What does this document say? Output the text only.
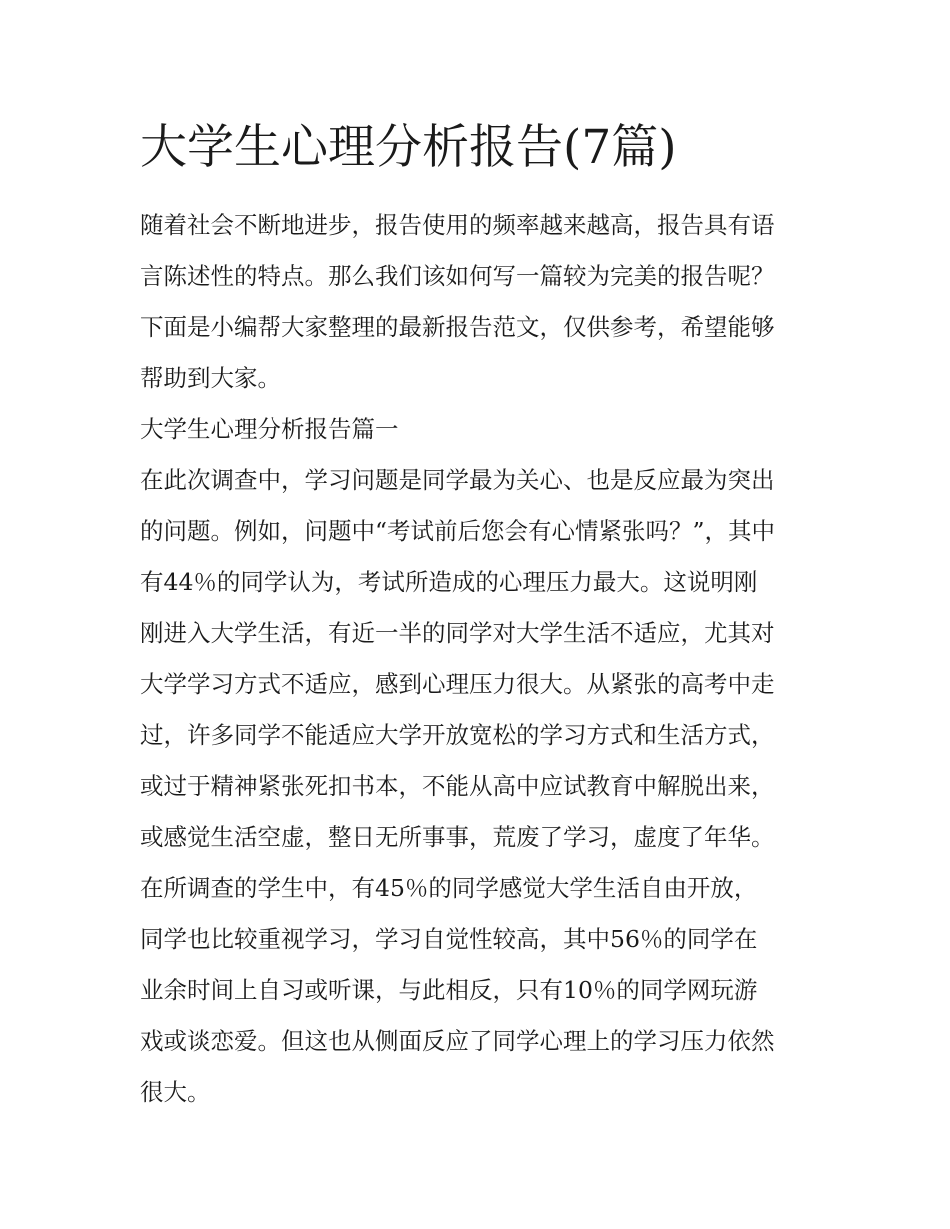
大学生心理分析报告(7篇)
随着社会不断地进步，报告使用的频率越来越高，报告具有语
言陈述性的特点。那么我们该如何写一篇较为完美的报告呢？
下面是小编帮大家整理的最新报告范文，仅供参考，希望能够
帮助到大家。
大学生心理分析报告篇一
在此次调查中，学习问题是同学最为关心、也是反应最为突出
的问题。例如，问题中“考试前后您会有心情紧张吗？”，其中
有44％的同学认为，考试所造成的心理压力最大。这说明刚
刚进入大学生活，有近一半的同学对大学生活不适应，尤其对
大学学习方式不适应，感到心理压力很大。从紧张的高考中走
过，许多同学不能适应大学开放宽松的学习方式和生活方式，
或过于精神紧张死扣书本，不能从高中应试教育中解脱出来，
或感觉生活空虚，整日无所事事，荒废了学习，虚度了年华。
在所调查的学生中，有45％的同学感觉大学生活自由开放，
同学也比较重视学习，学习自觉性较高，其中56％的同学在
业余时间上自习或听课，与此相反，只有10％的同学网玩游
戏或谈恋爱。但这也从侧面反应了同学心理上的学习压力依然
很大。
